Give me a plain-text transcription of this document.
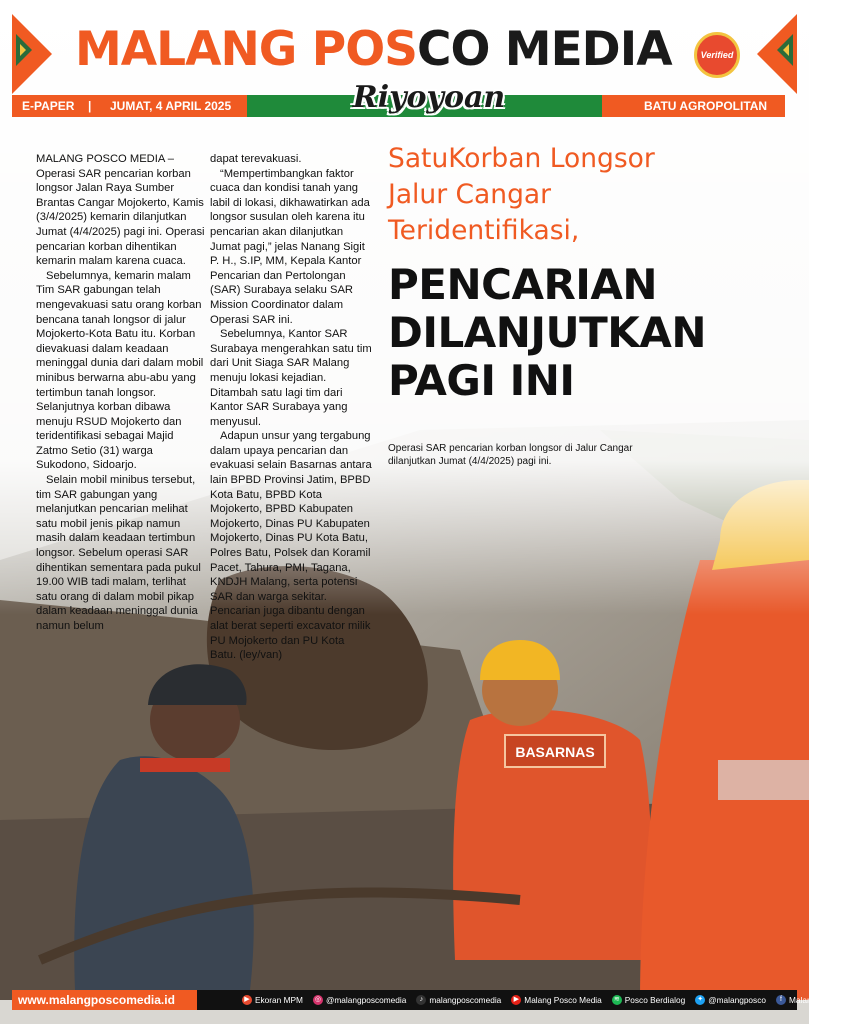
MALANG POSCO MEDIA	Verified
E-PAPER | JUMAT, 4 APRIL 2025	BATU AGROPOLITAN
Riyoyoan

MALANG POSCO MEDIA – Operasi SAR pencarian korban longsor Jalan Raya Sumber Brantas Cangar Mojokerto, Kamis (3/4/2025) kemarin dilanjutkan Jumat (4/4/2025) pagi ini. Operasi pencarian korban dihentikan kemarin malam karena cuaca.

Sebelumnya, kemarin malam Tim SAR gabungan telah mengevakuasi satu orang korban bencana tanah longsor di jalur Mojokerto-Kota Batu itu. Korban dievakuasi dalam keadaan meninggal dunia dari dalam mobil minibus berwarna abu-abu yang tertimbun tanah longsor. Selanjutnya korban dibawa menuju RSUD Mojokerto dan teridentifikasi sebagai Majid Zatmo Setio (31) warga Sukodono, Sidoarjo.

Selain mobil minibus tersebut, tim SAR gabungan yang melanjutkan pencarian melihat satu mobil jenis pikap namun masih dalam keadaan tertimbun longsor. Sebelum operasi SAR dihentikan sementara pada pukul 19.00 WIB tadi malam, terlihat satu orang di dalam mobil pikap dalam keadaan meninggal dunia namun belum

dapat terevakuasi.

“Mempertimbangkan faktor cuaca dan kondisi tanah yang labil di lokasi, dikhawatirkan ada longsor susulan oleh karena itu pencarian akan dilanjutkan Jumat pagi,” jelas Nanang Sigit P. H., S.IP, MM, Kepala Kantor Pencarian dan Pertolongan (SAR) Surabaya selaku SAR Mission Coordinator dalam Operasi SAR ini.

Sebelumnya, Kantor SAR Surabaya mengerahkan satu tim dari Unit Siaga SAR Malang menuju lokasi kejadian. Ditambah satu lagi tim dari Kantor SAR Surabaya yang menyusul.

Adapun unsur yang tergabung dalam upaya pencarian dan evakuasi selain Basarnas antara lain BPBD Provinsi Jatim, BPBD Kota Batu, BPBD Kota Mojokerto, BPBD Kabupaten Mojokerto, Dinas PU Kabupaten Mojokerto, Dinas PU Kota Batu, Polres Batu, Polsek dan Koramil Pacet, Tahura, PMI, Tagana, KNDJH Malang, serta potensi SAR dan warga sekitar. Pencarian juga dibantu dengan alat berat seperti excavator milik PU Mojokerto dan PU Kota Batu. (ley/van)

SatuKorban Longsor
Jalur Cangar
Teridentifikasi,
PENCARIAN
DILANJUTKAN
PAGI INI
Operasi SAR pencarian korban longsor di Jalur Cangar dilanjutkan Jumat (4/4/2025) pagi ini.
www.malangposcomedia.id	▶ Ekoran MPM ◎ @malangposcomedia	♪ malangposcomedia	▶ Malang Posco Media ≋ Posco Berdialog ✦ @malangposco	f Malang Posco
